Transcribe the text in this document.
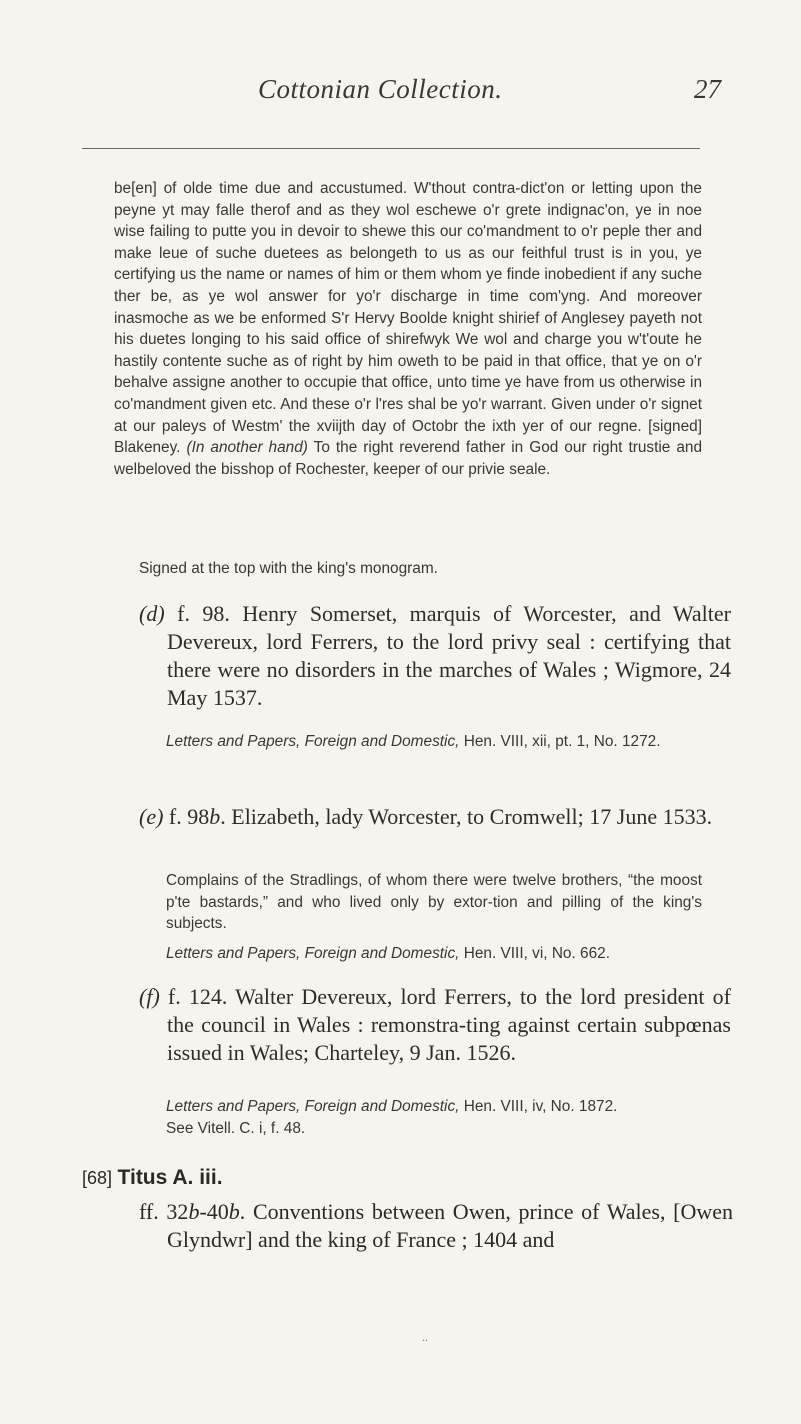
Cottonian Collection.	27
be[en] of olde time due and accustumed. W'thout contra-dict'on or letting upon the peyne yt may falle therof and as they wol eschewe o'r grete indignac'on, ye in noe wise failing to putte you in devoir to shewe this our co'mandment to o'r peple ther and make leue of suche duetees as belongeth to us as our feithful trust is in you, ye certifying us the name or names of him or them whom ye finde inobedient if any suche ther be, as ye wol answer for yo'r discharge in time com'yng. And moreover inasmoche as we be enformed S'r Hervy Boolde knight shirief of Anglesey payeth not his duetes longing to his said office of shirefwyk We wol and charge you w't'oute he hastily contente suche as of right by him oweth to be paid in that office, that ye on o'r behalve assigne another to occupie that office, unto time ye have from us otherwise in co'mandment given etc. And these o'r l'res shal be yo'r warrant. Given under o'r signet at our paleys of Westm' the xviijth day of Octobr the ixth yer of our regne. [signed] Blakeney. (In another hand) To the right reverend father in God our right trustie and welbeloved the bisshop of Rochester, keeper of our privie seale.
Signed at the top with the king's monogram.
(d) f. 98. Henry Somerset, marquis of Worcester, and Walter Devereux, lord Ferrers, to the lord privy seal : certifying that there were no disorders in the marches of Wales ; Wigmore, 24 May 1537.
Letters and Papers, Foreign and Domestic, Hen. VIII, xii, pt. 1, No. 1272.
(e) f. 98b. Elizabeth, lady Worcester, to Cromwell; 17 June 1533.
Complains of the Stradlings, of whom there were twelve brothers, “the moost p'te bastards,” and who lived only by extor-tion and pilling of the king's subjects.
Letters and Papers, Foreign and Domestic, Hen. VIII, vi, No. 662.
(f) f. 124. Walter Devereux, lord Ferrers, to the lord president of the council in Wales : remonstra-ting against certain subpœnas issued in Wales; Charteley, 9 Jan. 1526.
Letters and Papers, Foreign and Domestic, Hen. VIII, iv, No. 1872.
See Vitell. C. i, f. 48.
[68] Titus A. iii.
ff. 32b-40b. Conventions between Owen, prince of Wales, [Owen Glyndwr] and the king of France ; 1404 and
..
